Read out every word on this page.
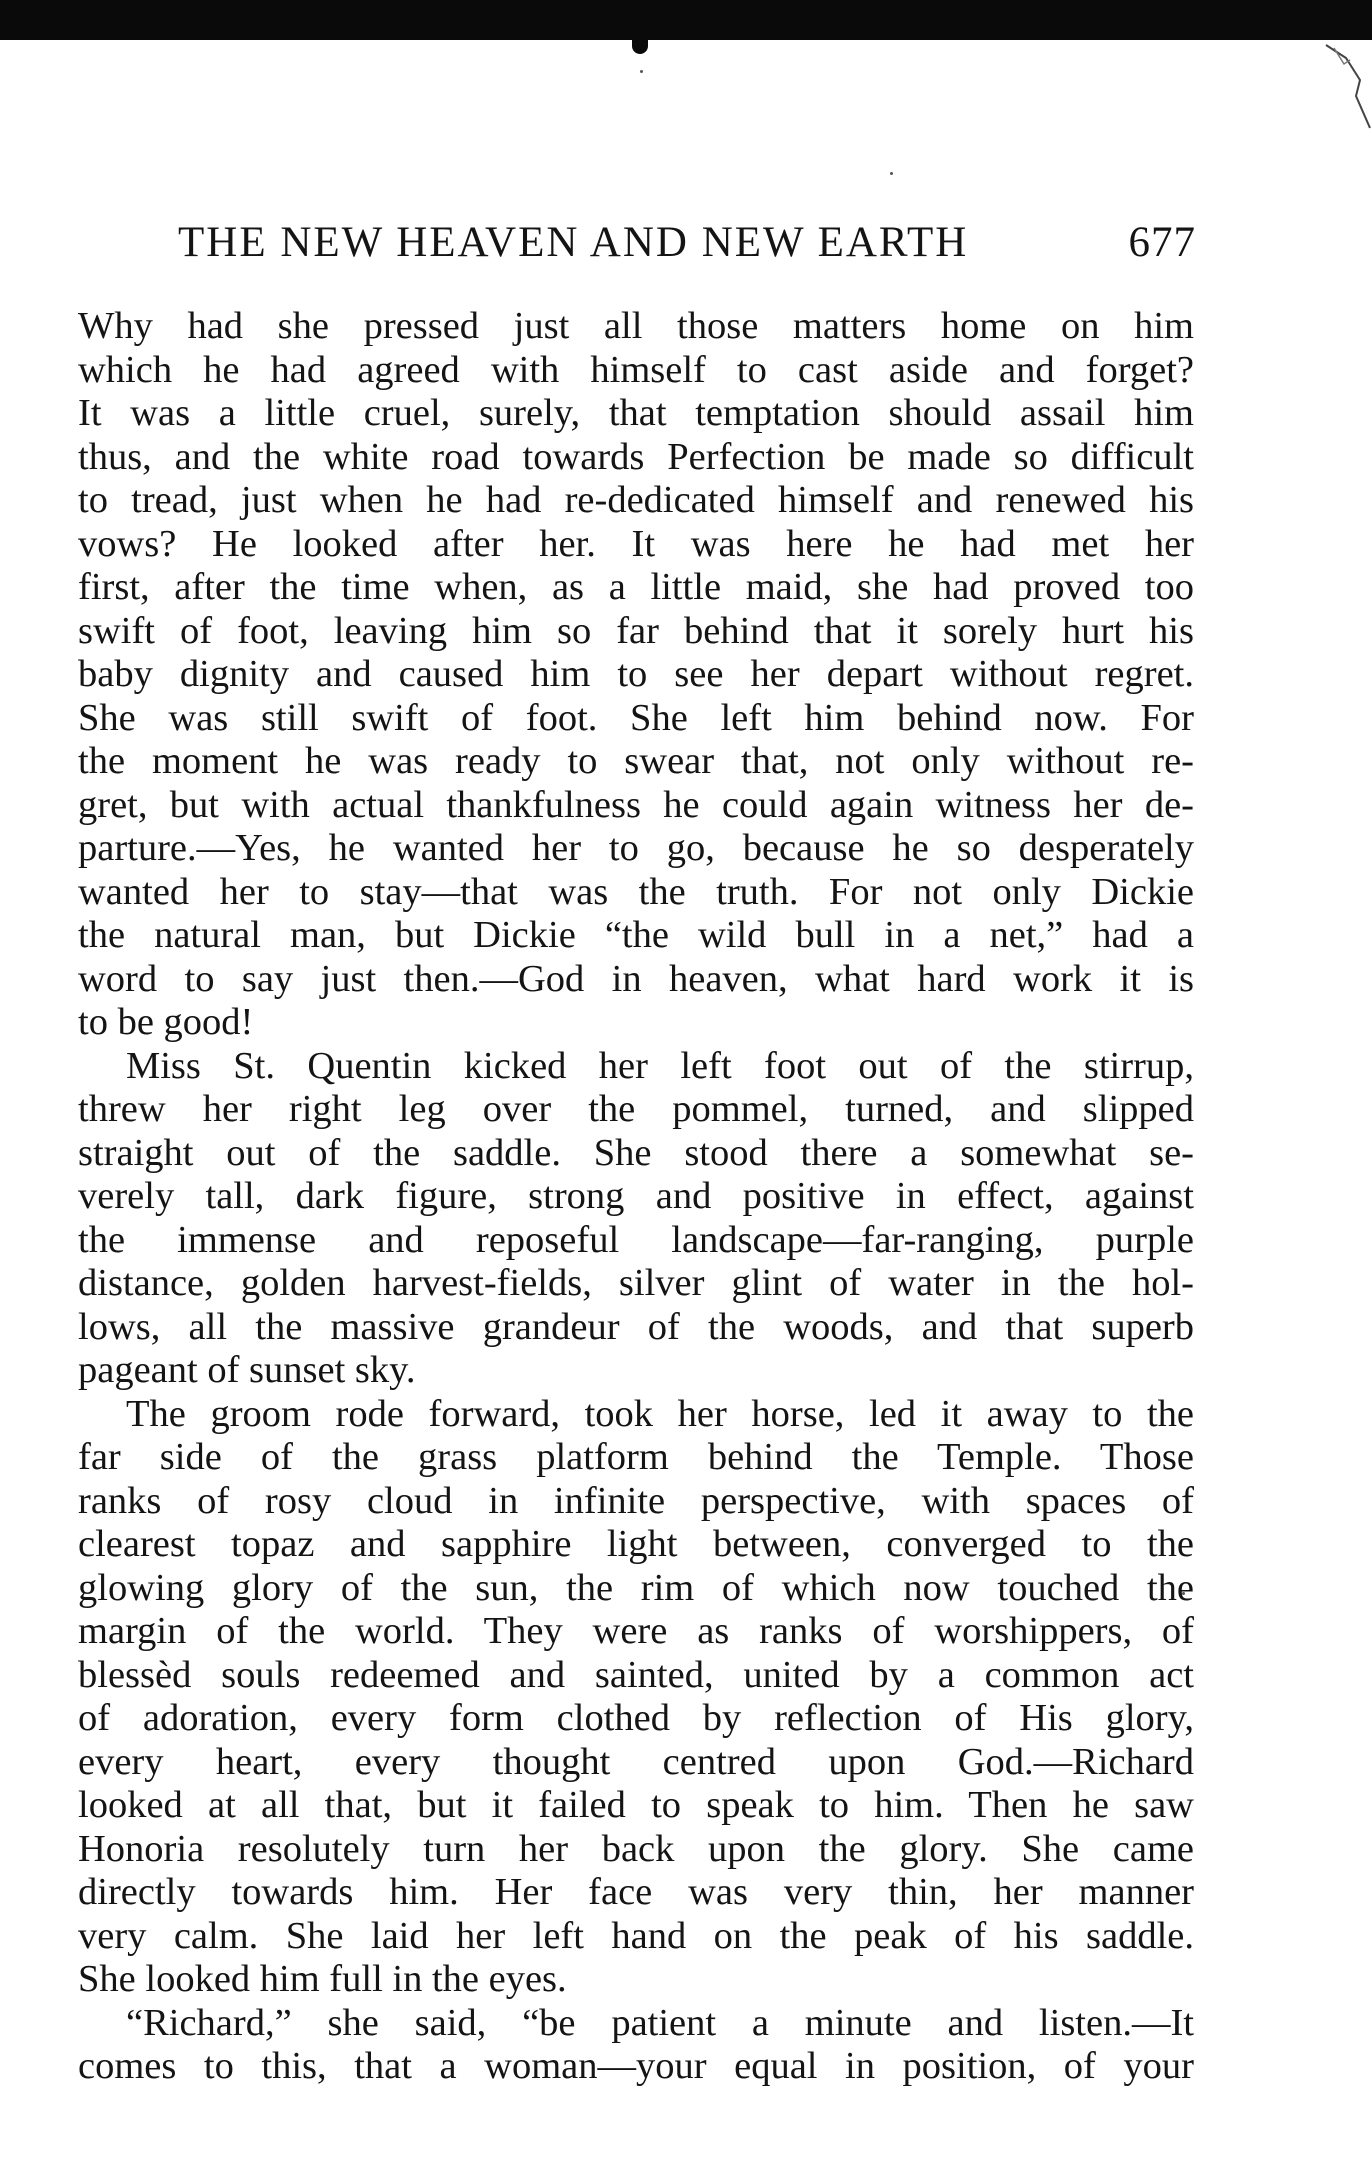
THE NEW HEAVEN AND NEW EARTH	677
Why had she pressed just all those matters home on him
which he had agreed with himself to cast aside and forget?
It was a little cruel, surely, that temptation should assail him
thus, and the white road towards Perfection be made so difficult
to tread, just when he had re-dedicated himself and renewed his
vows? He looked after her. It was here he had met her
first, after the time when, as a little maid, she had proved too
swift of foot, leaving him so far behind that it sorely hurt his
baby dignity and caused him to see her depart without regret.
She was still swift of foot. She left him behind now. For
the moment he was ready to swear that, not only without re-
gret, but with actual thankfulness he could again witness her de-
parture.—Yes, he wanted her to go, because he so desperately
wanted her to stay—that was the truth. For not only Dickie
the natural man, but Dickie “the wild bull in a net,” had a
word to say just then.—God in heaven, what hard work it is
to be good!
Miss St. Quentin kicked her left foot out of the stirrup,
threw her right leg over the pommel, turned, and slipped
straight out of the saddle. She stood there a somewhat se-
verely tall, dark figure, strong and positive in effect, against
the immense and reposeful landscape—far-ranging, purple
distance, golden harvest-fields, silver glint of water in the hol-
lows, all the massive grandeur of the woods, and that superb
pageant of sunset sky.
The groom rode forward, took her horse, led it away to the
far side of the grass platform behind the Temple. Those
ranks of rosy cloud in infinite perspective, with spaces of
clearest topaz and sapphire light between, converged to the
glowing glory of the sun, the rim of which now touched the
margin of the world. They were as ranks of worshippers, of
blessèd souls redeemed and sainted, united by a common act
of adoration, every form clothed by reflection of His glory,
every heart, every thought centred upon God.—Richard
looked at all that, but it failed to speak to him. Then he saw
Honoria resolutely turn her back upon the glory. She came
directly towards him. Her face was very thin, her manner
very calm. She laid her left hand on the peak of his saddle.
She looked him full in the eyes.
“Richard,” she said, “be patient a minute and listen.—It
comes to this, that a woman—your equal in position, of your
